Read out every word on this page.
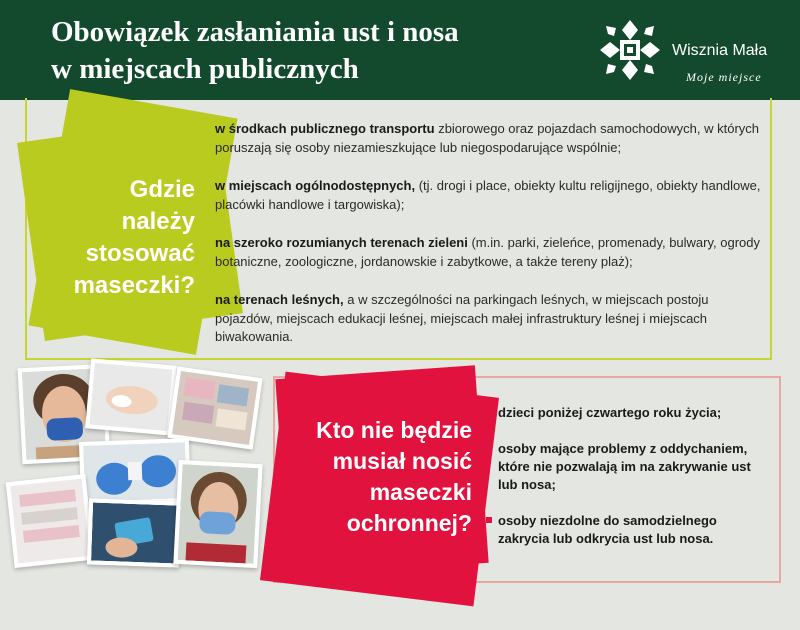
Obowiązek zasłaniania ust i nosa
w miejscach publicznych
Wisznia Mała
Moje miejsce
Gdzie
należy
stosować
maseczki?
w środkach publicznego transportu zbiorowego oraz pojazdach samochodowych, w których poruszają się osoby niezamieszkujące lub niegospodarujące wspólnie;
w miejscach ogólnodostępnych, (tj. drogi i place, obiekty kultu religijnego, obiekty handlowe, placówki handlowe i targowiska);
na szeroko rozumianych terenach zieleni (m.in. parki, zieleńce, promenady, bulwary, ogrody botaniczne, zoologiczne, jordanowskie i zabytkowe, a także tereny plaż);
na terenach leśnych, a w szczególności na parkingach leśnych, w miejscach postoju pojazdów, miejscach edukacji leśnej, miejscach małej infrastruktury leśnej i miejscach biwakowania.
Kto nie będzie
musiał nosić
maseczki
ochronnej?
dzieci poniżej czwartego roku życia;
osoby mające problemy z oddychaniem, które nie pozwalają im na zakrywanie ust lub nosa;
osoby niezdolne do samodzielnego zakrycia lub odkrycia ust lub nosa.
